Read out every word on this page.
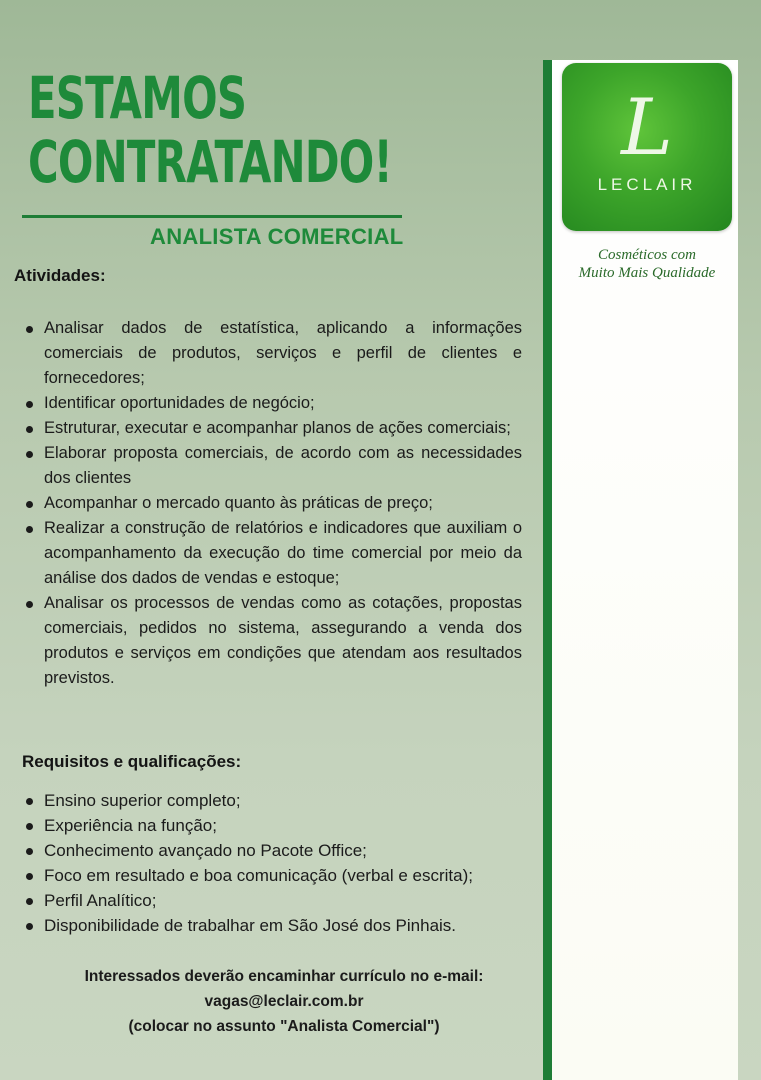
ESTAMOS
CONTRATANDO!
ANALISTA COMERCIAL
Atividades:
Analisar dados de estatística, aplicando a informações comerciais de produtos, serviços e perfil de clientes e fornecedores;
Identificar oportunidades de negócio;
Estruturar, executar e acompanhar planos de ações comerciais;
Elaborar proposta comerciais, de acordo com as necessidades dos clientes
Acompanhar o mercado quanto às práticas de preço;
Realizar a construção de relatórios e indicadores que auxiliam o acompanhamento da execução do time comercial por meio da análise dos dados de vendas e estoque;
Analisar os processos de vendas como as cotações, propostas comerciais, pedidos no sistema, assegurando a venda dos produtos e serviços em condições que atendam aos resultados previstos.
Requisitos e qualificações:
Ensino superior completo;
Experiência na função;
Conhecimento avançado no Pacote Office;
Foco em resultado e boa comunicação (verbal e escrita);
Perfil Analítico;
Disponibilidade de trabalhar em São José dos Pinhais.

Interessados deverão encaminhar currículo no e-mail:

vagas@leclair.com.br

(colocar no assunto "Analista Comercial")

L
LECLAIR

Cosméticos com

Muito Mais Qualidade
